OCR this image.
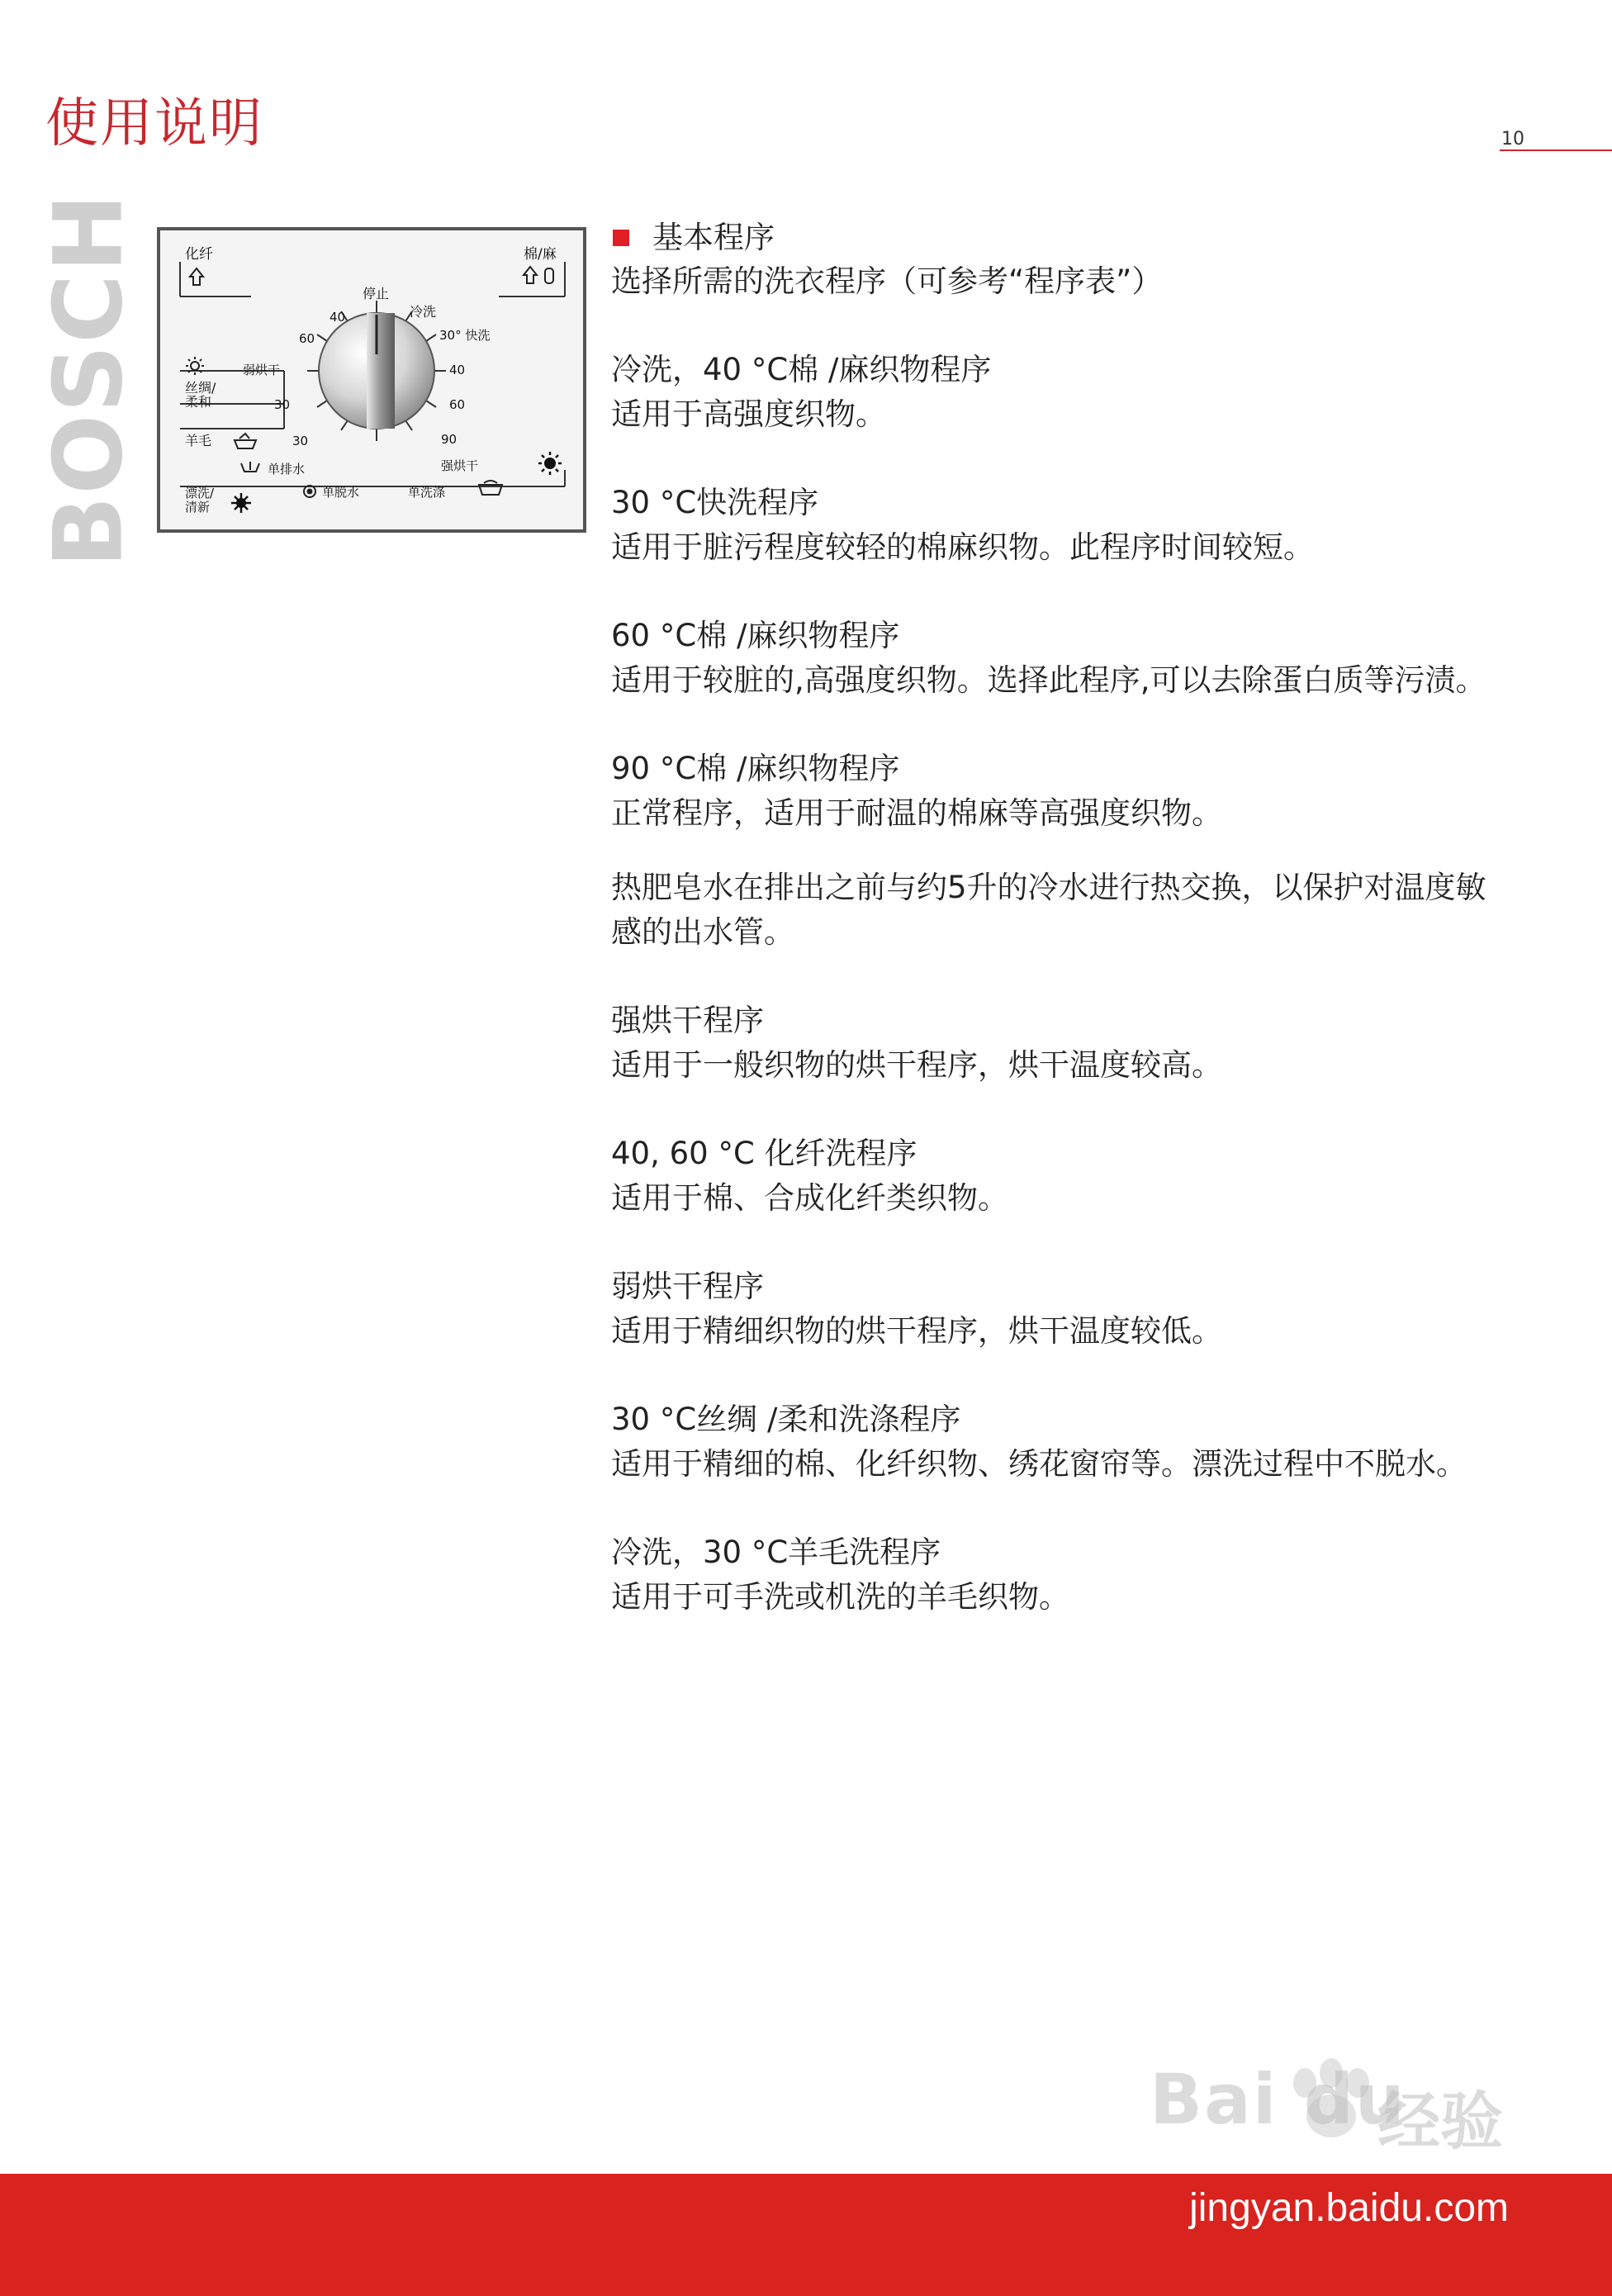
使用说明	10
BOSCH	化纤	棉/麻
丝绸/
柔和
羊毛
漂洗/
清新
停止
冷洗
30° 快洗
40
60
90
强烘干
单洗涤
单脱水
单排水
30
30
弱烘干
60
40
基本程序
选择所需的洗衣程序（可参考“程序表”）
冷洗，40 °C棉 /麻织物程序
适用于高强度织物。
30 °C快洗程序
适用于脏污程度较轻的棉麻织物。此程序时间较短。
60 °C棉 /麻织物程序
适用于较脏的,高强度织物。选择此程序,可以去除蛋白质等污渍。
90 °C棉 /麻织物程序
正常程序，适用于耐温的棉麻等高强度织物。
热肥皂水在排出之前与约5升的冷水进行热交换，以保护对温度敏感的出水管。
强烘干程序
适用于一般织物的烘干程序，烘干温度较高。
40, 60 °C 化纤洗程序
适用于棉、合成化纤类织物。
弱烘干程序
适用于精细织物的烘干程序，烘干温度较低。
30 °C丝绸 /柔和洗涤程序
适用于精细的棉、化纤织物、绣花窗帘等。漂洗过程中不脱水。
冷洗，30 °C羊毛洗程序
适用于可手洗或机洗的羊毛织物。
Bai du
经验
jingyan.baidu.com
